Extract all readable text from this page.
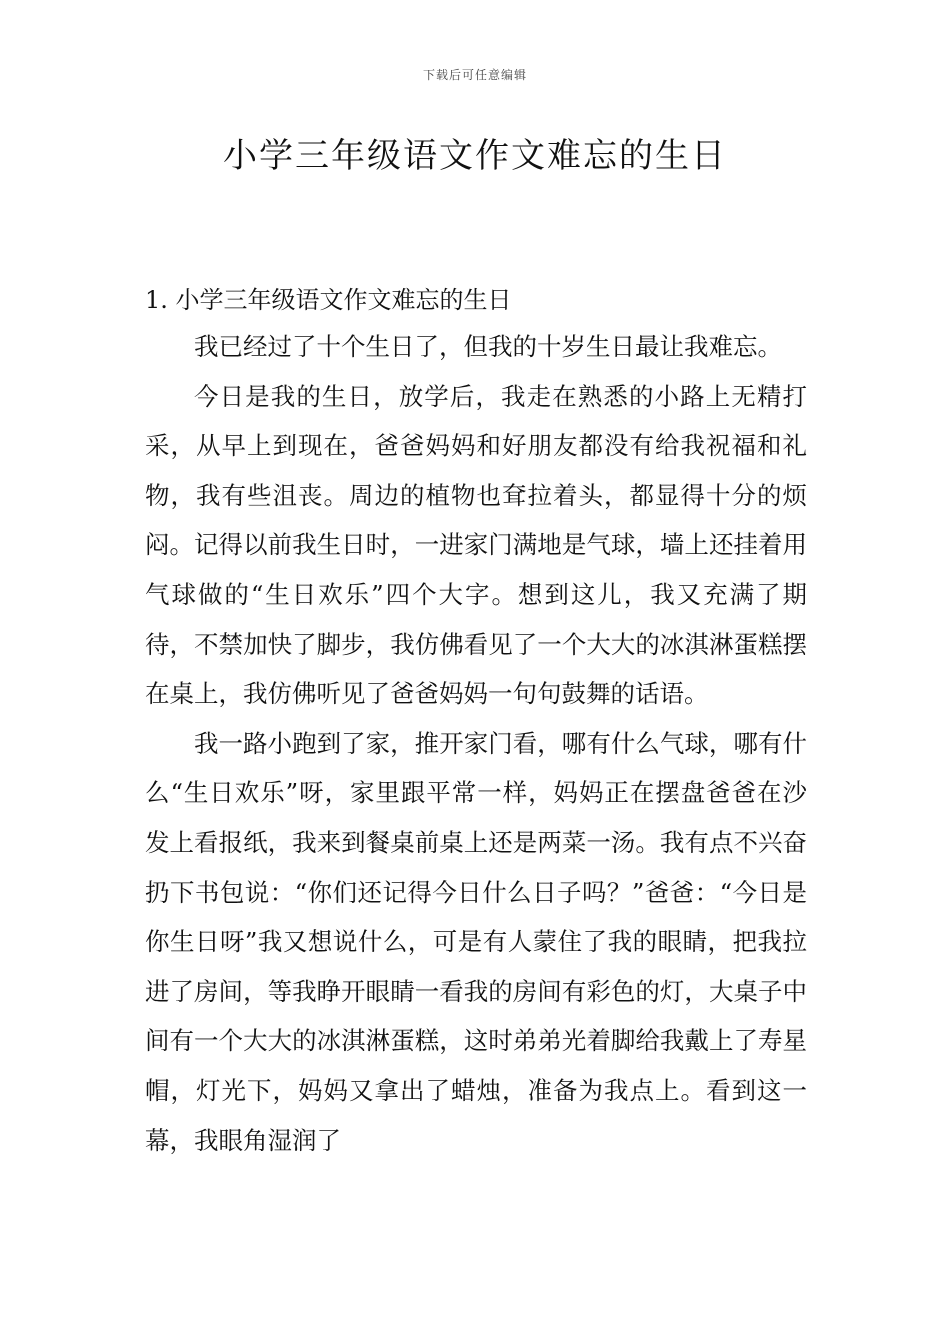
下载后可任意编辑
小学三年级语文作文难忘的生日
1. 小学三年级语文作文难忘的生日

我已经过了十个生日了，但我的十岁生日最让我难忘。

今日是我的生日，放学后，我走在熟悉的小路上无精打采，从早上到现在，爸爸妈妈和好朋友都没有给我祝福和礼物，我有些沮丧。周边的植物也耷拉着头，都显得十分的烦闷。记得以前我生日时，一进家门满地是气球，墙上还挂着用气球做的“生日欢乐”四个大字。想到这儿，我又充满了期待，不禁加快了脚步，我仿佛看见了一个大大的冰淇淋蛋糕摆在桌上，我仿佛听见了爸爸妈妈一句句鼓舞的话语。

我一路小跑到了家，推开家门看，哪有什么气球，哪有什么“生日欢乐”呀，家里跟平常一样，妈妈正在摆盘爸爸在沙发上看报纸，我来到餐桌前桌上还是两菜一汤。我有点不兴奋扔下书包说：“你们还记得今日什么日子吗？”爸爸：“今日是你生日呀”我又想说什么，可是有人蒙住了我的眼睛，把我拉进了房间，等我睁开眼睛一看我的房间有彩色的灯，大桌子中间有一个大大的冰淇淋蛋糕，这时弟弟光着脚给我戴上了寿星帽，灯光下，妈妈又拿出了蜡烛，准备为我点上。看到这一幕，我眼角湿润了
